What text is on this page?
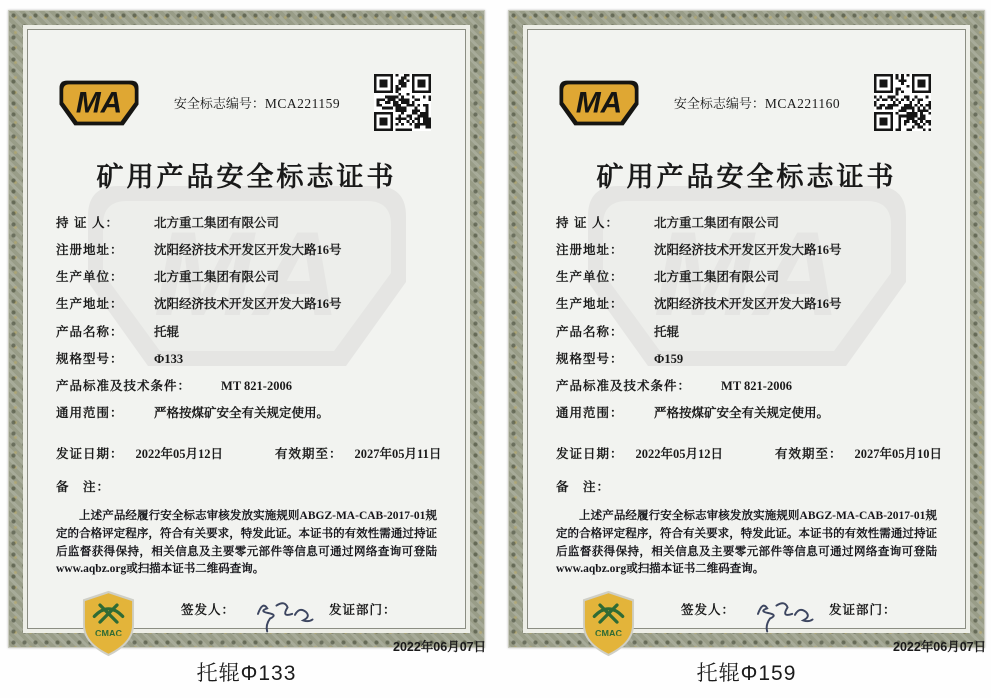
安全标志编号：MCA221159
矿用产品安全标志证书
持 证 人：	北方重工集团有限公司
注册地址： 沈阳经济技术开发区开发大路16号
生产单位： 北方重工集团有限公司
生产地址： 沈阳经济技术开发区开发大路16号
产品名称： 托辊
规格型号： Φ133
产品标准及技术条件： MT 821-2006
通用范围： 严格按煤矿安全有关规定使用。
发证日期： 2022年05月12日	有效期至： 2027年05月11日
备　注：
上述产品经履行安全标志审核发放实施规则ABGZ-MA-CAB-2017-01规定的合格评定程序，符合有关要求，特发此证。本证书的有效性需通过持证后监督获得保持，相关信息及主要零元部件等信息可通过网络查询可登陆www.aqbz.org或扫描本证书二维码查询。
签发人：	发证部门：
2022年06月07日
托辊Φ133
安全标志编号：MCA221160
矿用产品安全标志证书
持 证 人：	北方重工集团有限公司
注册地址： 沈阳经济技术开发区开发大路16号
生产单位： 北方重工集团有限公司
生产地址： 沈阳经济技术开发区开发大路16号
产品名称： 托辊
规格型号： Φ159
产品标准及技术条件： MT 821-2006
通用范围： 严格按煤矿安全有关规定使用。
发证日期： 2022年05月12日	有效期至： 2027年05月10日
备　注：
上述产品经履行安全标志审核发放实施规则ABGZ-MA-CAB-2017-01规定的合格评定程序，符合有关要求，特发此证。本证书的有效性需通过持证后监督获得保持，相关信息及主要零元部件等信息可通过网络查询可登陆www.aqbz.org或扫描本证书二维码查询。
签发人：	发证部门：
2022年06月07日
托辊Φ159
